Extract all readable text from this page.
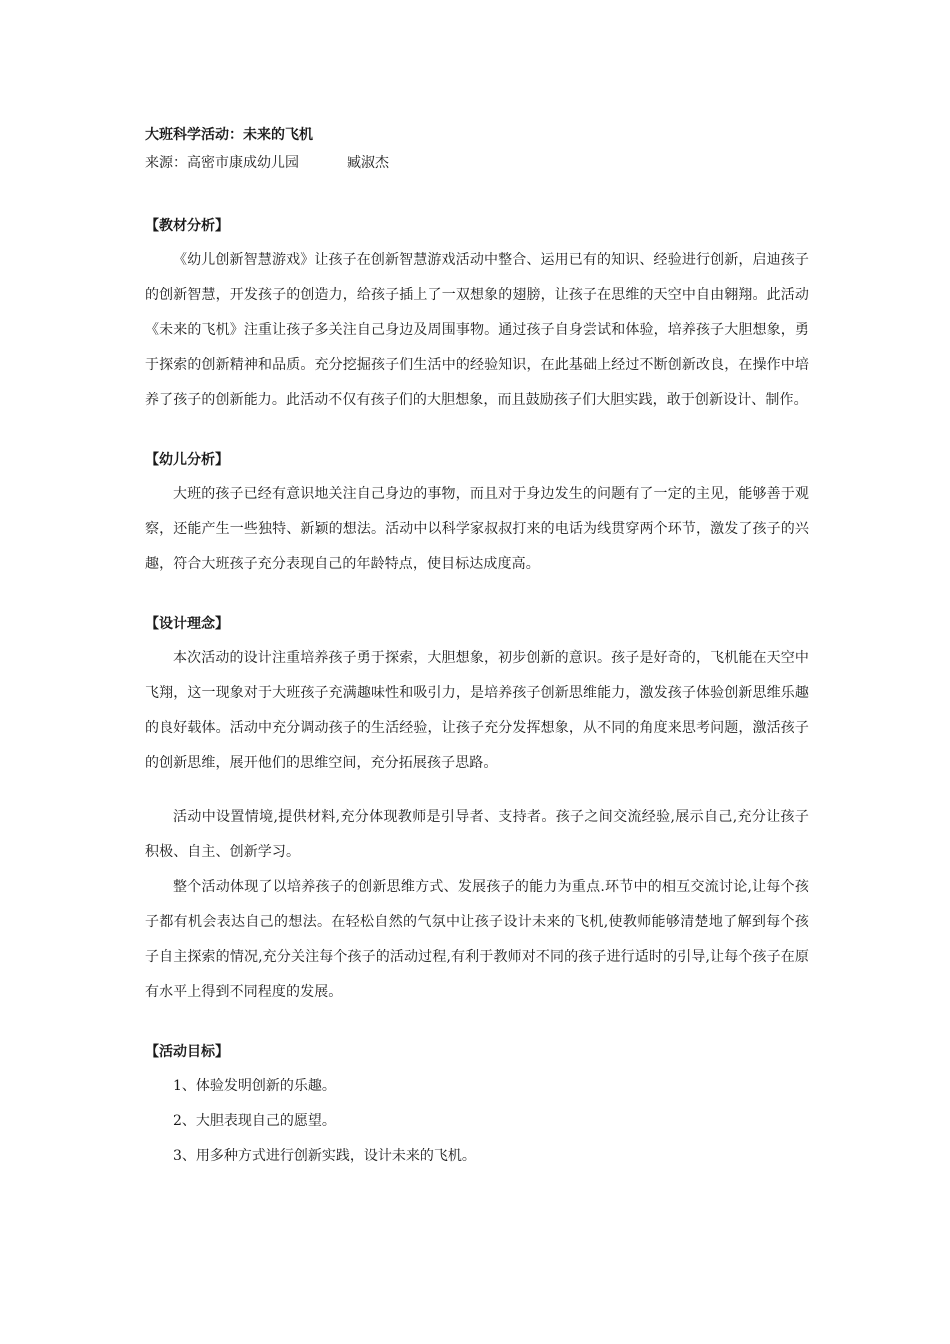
大班科学活动：未来的飞机

来源：高密市康成幼儿园	臧淑杰

【教材分析】

《幼儿创新智慧游戏》让孩子在创新智慧游戏活动中整合、运用已有的知识、经验进行创新，启迪孩子的创新智慧，开发孩子的创造力，给孩子插上了一双想象的翅膀，让孩子在思维的天空中自由翱翔。此活动《未来的飞机》注重让孩子多关注自己身边及周围事物。通过孩子自身尝试和体验，培养孩子大胆想象，勇于探索的创新精神和品质。充分挖掘孩子们生活中的经验知识，在此基础上经过不断创新改良，在操作中培养了孩子的创新能力。此活动不仅有孩子们的大胆想象，而且鼓励孩子们大胆实践，敢于创新设计、制作。

【幼儿分析】

大班的孩子已经有意识地关注自己身边的事物，而且对于身边发生的问题有了一定的主见，能够善于观察，还能产生一些独特、新颖的想法。活动中以科学家叔叔打来的电话为线贯穿两个环节，激发了孩子的兴趣，符合大班孩子充分表现自己的年龄特点，使目标达成度高。

【设计理念】

本次活动的设计注重培养孩子勇于探索，大胆想象，初步创新的意识。孩子是好奇的，飞机能在天空中飞翔，这一现象对于大班孩子充满趣味性和吸引力，是培养孩子创新思维能力，激发孩子体验创新思维乐趣的良好载体。活动中充分调动孩子的生活经验，让孩子充分发挥想象，从不同的角度来思考问题，激活孩子的创新思维，展开他们的思维空间，充分拓展孩子思路。

活动中设置情境,提供材料,充分体现教师是引导者、支持者。孩子之间交流经验,展示自己,充分让孩子积极、自主、创新学习。

整个活动体现了以培养孩子的创新思维方式、发展孩子的能力为重点.环节中的相互交流讨论,让每个孩子都有机会表达自己的想法。在轻松自然的气氛中让孩子设计未来的飞机,使教师能够清楚地了解到每个孩子自主探索的情况,充分关注每个孩子的活动过程,有利于教师对不同的孩子进行适时的引导,让每个孩子在原有水平上得到不同程度的发展。

【活动目标】

1、体验发明创新的乐趣。

2、大胆表现自己的愿望。

3、用多种方式进行创新实践，设计未来的飞机。
